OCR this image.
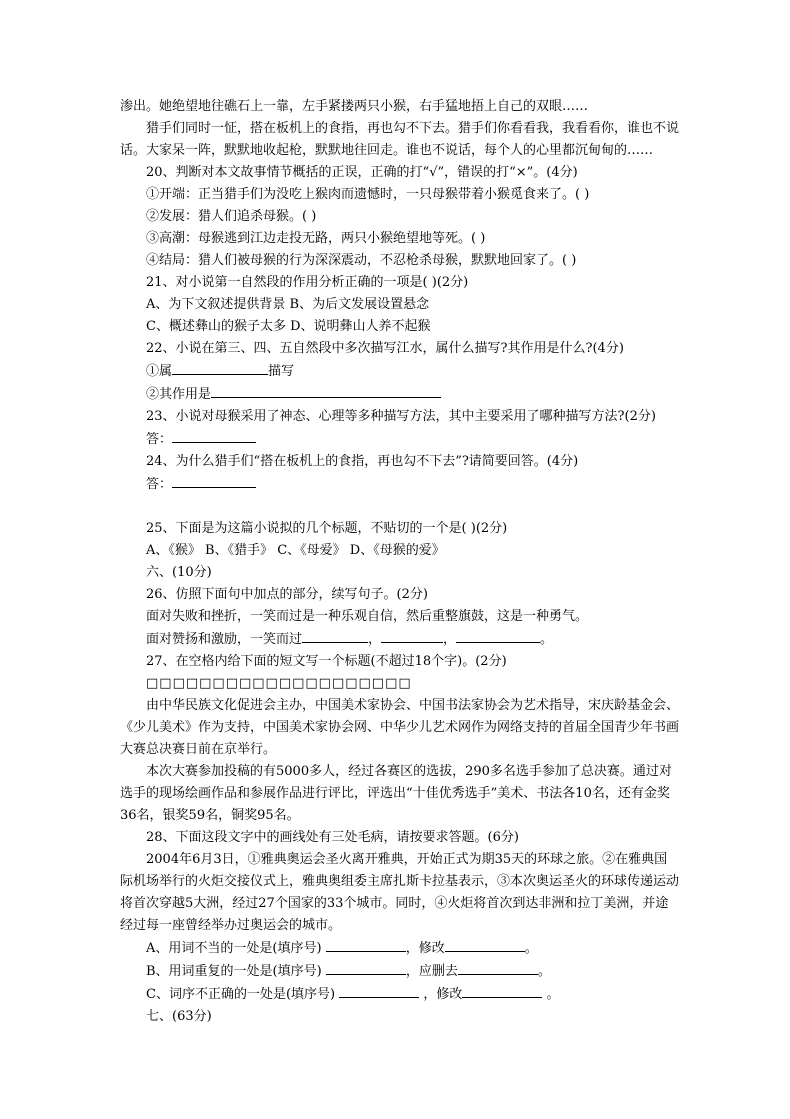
渗出。她绝望地往礁石上一靠，左手紧搂两只小猴，右手猛地捂上自己的双眼……

猎手们同时一怔，搭在板机上的食指，再也勾不下去。猎手们你看看我，我看看你，谁也不说话。大家呆一阵，默默地收起枪，默默地往回走。谁也不说话，每个人的心里都沉甸甸的……

20、判断对本文故事情节概括的正误，正确的打“√”，错误的打“×”。(4分)

①开端：正当猎手们为没吃上猴肉而遗憾时，一只母猴带着小猴觅食来了。( )

②发展：猎人们追杀母猴。( )

③高潮：母猴逃到江边走投无路，两只小猴绝望地等死。( )

④结局：猎人们被母猴的行为深深震动，不忍枪杀母猴，默默地回家了。( )

21、对小说第一自然段的作用分析正确的一项是( )(2分)

A、为下文叙述提供背景 B、为后文发展设置悬念

C、概述彝山的猴子太多 D、说明彝山人养不起猴

22、小说在第三、四、五自然段中多次描写江水，属什么描写?其作用是什么?(4分)

①属	描写

②其作用是

23、小说对母猴采用了神态、心理等多种描写方法，其中主要采用了哪种描写方法?(2分)

答：

24、为什么猎手们“搭在板机上的食指，再也勾不下去”?请简要回答。(4分)

答：

25、下面是为这篇小说拟的几个标题，不贴切的一个是( )(2分)

A、《猴》 B、《猎手》 C、《母爱》 D、《母猴的爱》

六、(10分)

26、仿照下面句中加点的部分，续写句子。(2分)

面对失败和挫折，一笑而过是一种乐观自信，然后重整旗鼓，这是一种勇气。

面对赞扬和激励，一笑而过	，	，	。

27、在空格内给下面的短文写一个标题(不超过18个字)。(2分)

□□□□□□□□□□□□□□□□□□□□

由中华民族文化促进会主办，中国美术家协会、中国书法家协会为艺术指导，宋庆龄基金会、《少儿美术》作为支持，中国美术家协会网、中华少儿艺术网作为网络支持的首届全国青少年书画大赛总决赛日前在京举行。

本次大赛参加投稿的有5000多人，经过各赛区的选拔，290多名选手参加了总决赛。通过对选手的现场绘画作品和参展作品进行评比，评选出“十佳优秀选手”美术、书法各10名，还有金奖36名，银奖59名，铜奖95名。

28、下面这段文字中的画线处有三处毛病，请按要求答题。(6分)

2004年6月3日，①雅典奥运会圣火离开雅典，开始正式为期35天的环球之旅。②在雅典国际机场举行的火炬交接仪式上，雅典奥组委主席扎斯卡拉基表示，③本次奥运圣火的环球传递运动将首次穿越5大洲，经过27个国家的33个城市。同时，④火炬将首次到达非洲和拉丁美洲，并途经过每一座曾经举办过奥运会的城市。

A、用词不当的一处是(填序号)	，修改	。

B、用词重复的一处是(填序号)	，应删去	。

C、词序不正确的一处是(填序号)	，修改	。

七、(63分)
